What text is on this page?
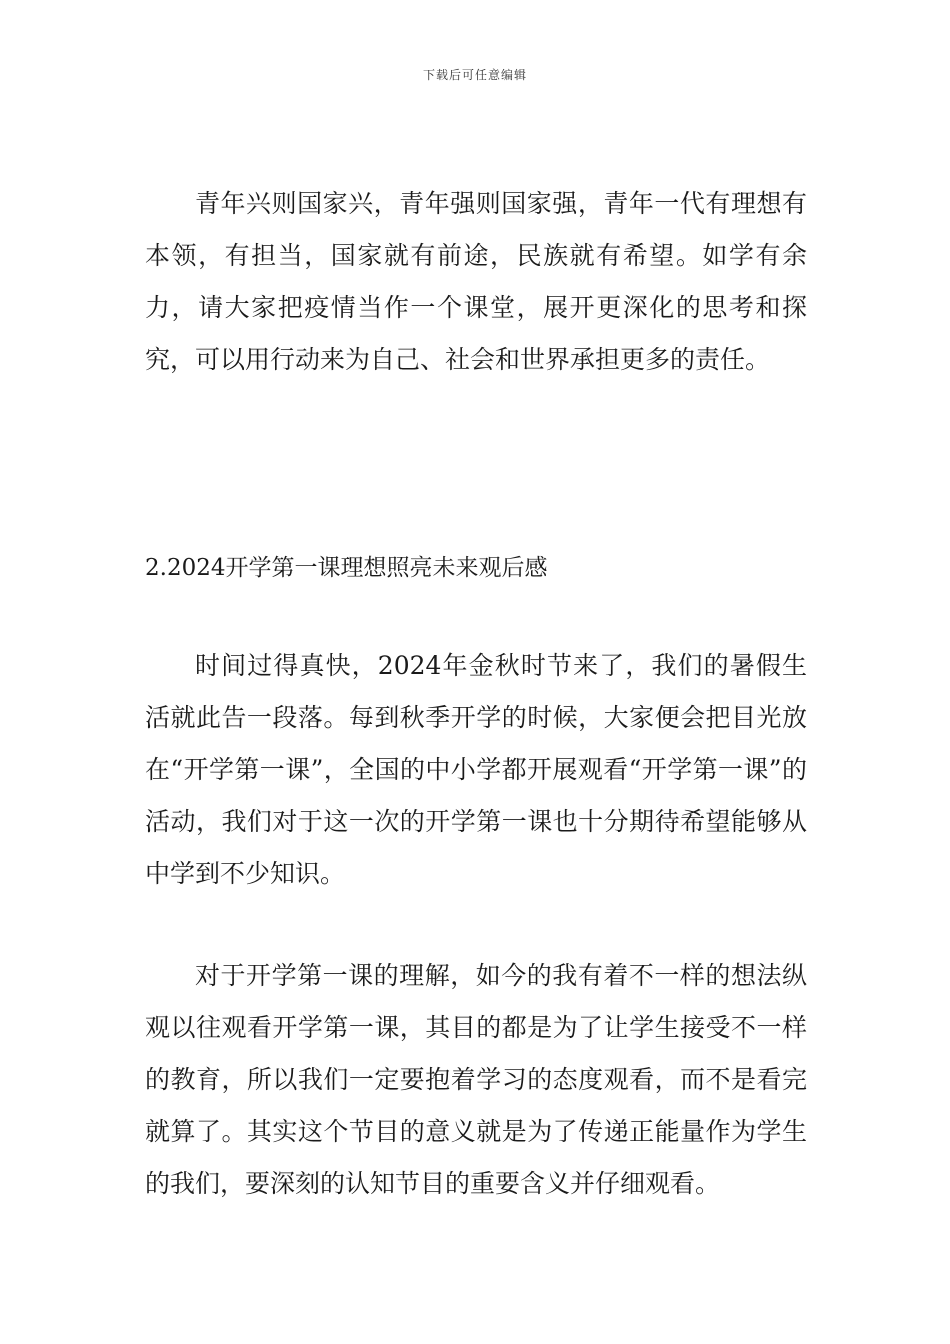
下载后可任意编辑

青年兴则国家兴，青年强则国家强，青年一代有理想有本领，有担当，国家就有前途，民族就有希望。如学有余力，请大家把疫情当作一个课堂，展开更深化的思考和探究，可以用行动来为自己、社会和世界承担更多的责任。

2.2024开学第一课理想照亮未来观后感

时间过得真快，2024年金秋时节来了，我们的暑假生活就此告一段落。每到秋季开学的时候，大家便会把目光放在“开学第一课”，全国的中小学都开展观看“开学第一课”的活动，我们对于这一次的开学第一课也十分期待希望能够从中学到不少知识。

对于开学第一课的理解，如今的我有着不一样的想法纵观以往观看开学第一课，其目的都是为了让学生接受不一样的教育，所以我们一定要抱着学习的态度观看，而不是看完就算了。其实这个节目的意义就是为了传递正能量作为学生的我们，要深刻的认知节目的重要含义并仔细观看。
